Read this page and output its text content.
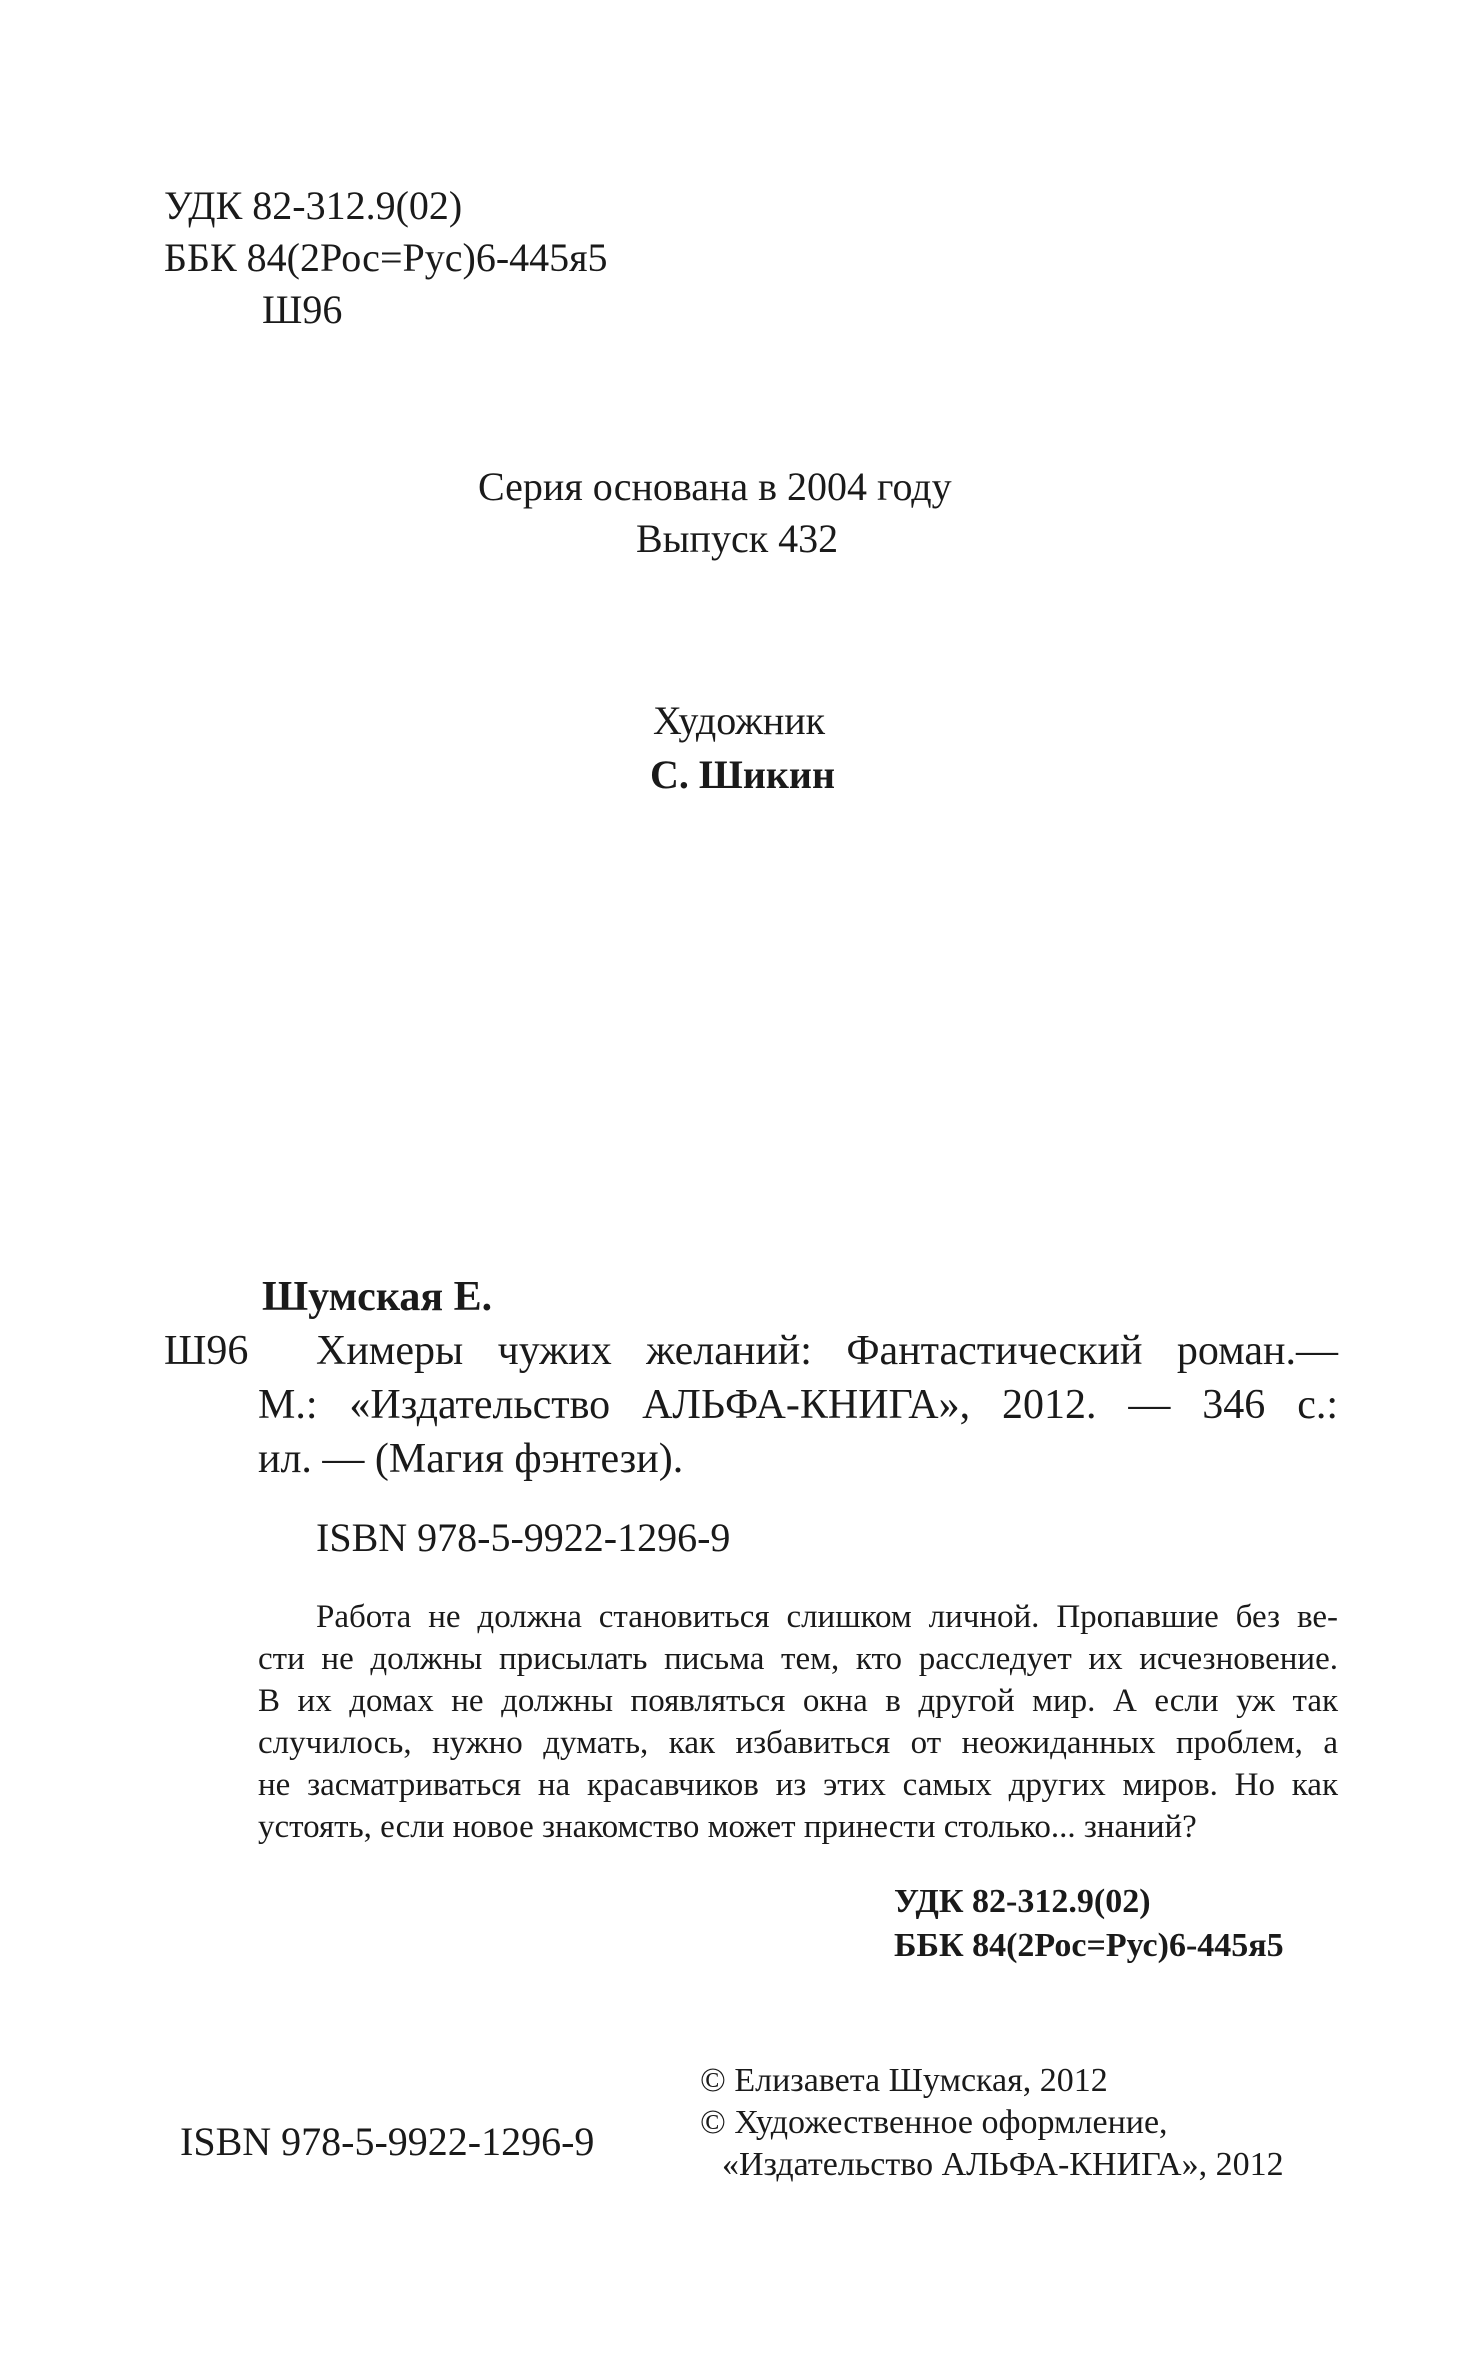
УДК 82-312.9(02)
ББК 84(2Рос=Рус)6-445я5
Ш96
Серия основана в 2004 году
Выпуск 432
Художник
С. Шикин
Шумская Е.
Ш96 Химеры чужих желаний: Фантастический роман.—
М.: «Издательство АЛЬФА-КНИГА», 2012. — 346 с.:
ил. — (Магия фэнтези).
ISBN 978-5-9922-1296-9
Работа не должна становиться слишком личной. Пропавшие без ве-
сти не должны присылать письма тем, кто расследует их исчезновение.
В их домах не должны появляться окна в другой мир. А если уж так
случилось, нужно думать, как избавиться от неожиданных проблем, а
не засматриваться на красавчиков из этих самых других миров. Но как
устоять, если новое знакомство может принести столько... знаний?
УДК 82-312.9(02)
ББК 84(2Рос=Рус)6-445я5
ISBN 978-5-9922-1296-9
© Елизавета Шумская, 2012
© Художественное оформление,
«Издательство АЛЬФА-КНИГА», 2012
